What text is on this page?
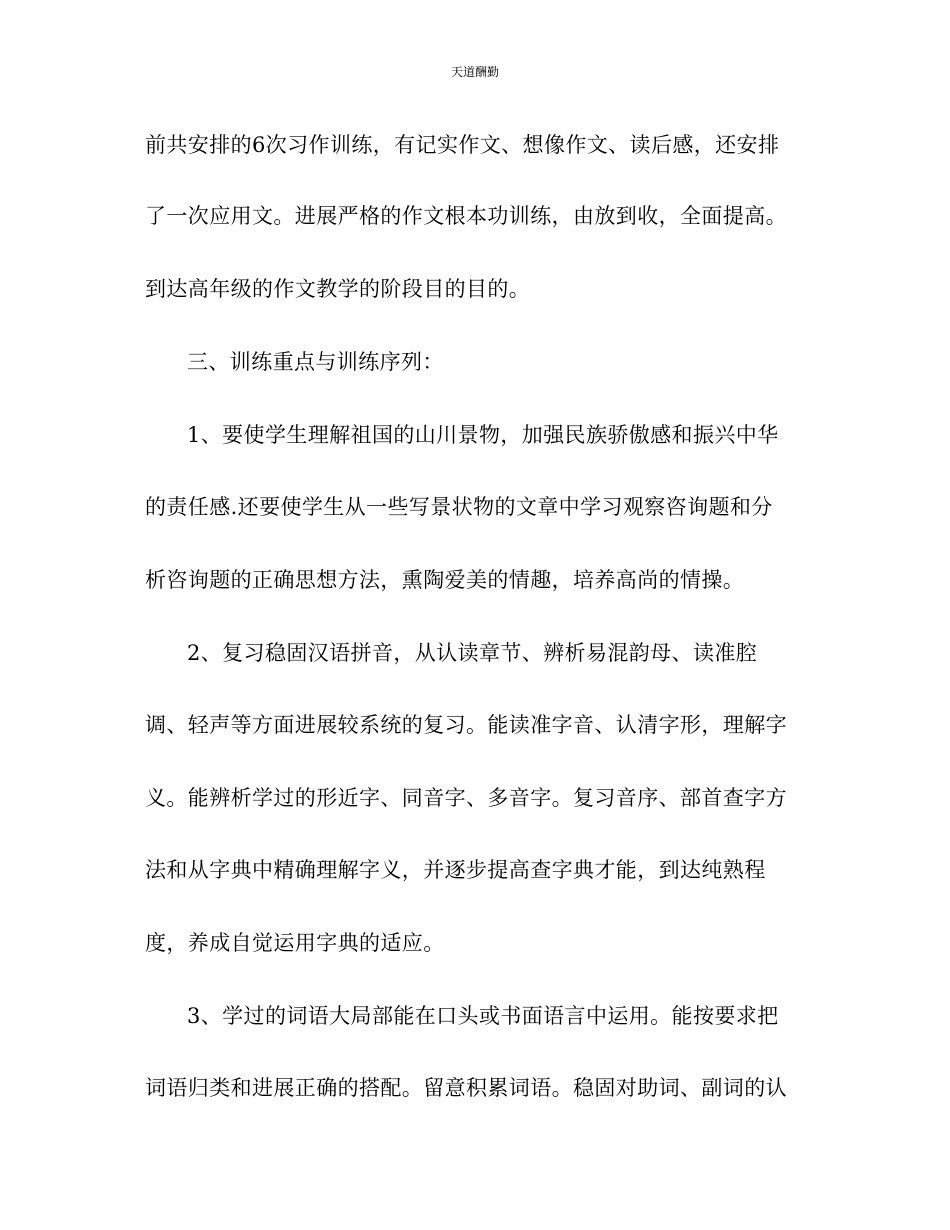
天道酬勤
前共安排的6次习作训练，有记实作文、想像作文、读后感，还安排
了一次应用文。进展严格的作文根本功训练，由放到收，全面提高。
到达高年级的作文教学的阶段目的目的。
三、训练重点与训练序列：
1、要使学生理解祖国的山川景物，加强民族骄傲感和振兴中华
的责任感.还要使学生从一些写景状物的文章中学习观察咨询题和分
析咨询题的正确思想方法，熏陶爱美的情趣，培养高尚的情操。
2、复习稳固汉语拼音，从认读章节、辨析易混韵母、读准腔
调、轻声等方面进展较系统的复习。能读准字音、认清字形，理解字
义。能辨析学过的形近字、同音字、多音字。复习音序、部首查字方
法和从字典中精确理解字义，并逐步提高查字典才能，到达纯熟程
度，养成自觉运用字典的适应。
3、学过的词语大局部能在口头或书面语言中运用。能按要求把
词语归类和进展正确的搭配。留意积累词语。稳固对助词、副词的认
